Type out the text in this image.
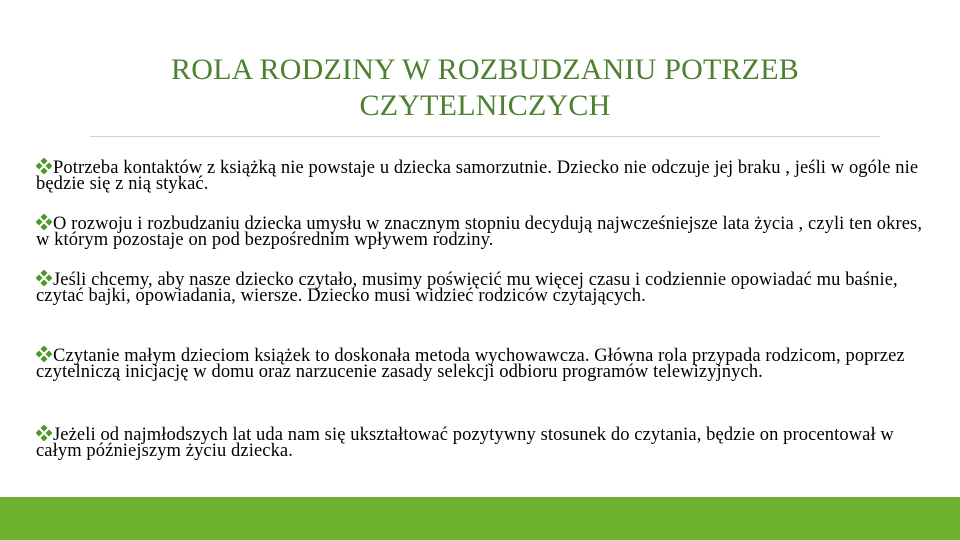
ROLA RODZINY W ROZBUDZANIU POTRZEB CZYTELNICZYCH
Potrzeba kontaktów z książką nie powstaje u dziecka samorzutnie. Dziecko nie odczuje jej braku , jeśli w ogóle nie będzie się z nią stykać.
O rozwoju i rozbudzaniu dziecka umysłu w znacznym stopniu decydują najwcześniejsze lata życia , czyli ten okres, w którym pozostaje on pod bezpośrednim wpływem rodziny.
Jeśli chcemy, aby nasze dziecko czytało, musimy poświęcić mu więcej czasu i codziennie opowiadać mu baśnie, czytać bajki, opowiadania, wiersze. Dziecko musi widzieć rodziców czytających.
Czytanie małym dzieciom książek to doskonała metoda wychowawcza. Główna rola przypada rodzicom, poprzez czytelniczą inicjację w domu oraz narzucenie zasady selekcji odbioru programów telewizyjnych.
Jeżeli od najmłodszych lat uda nam się ukształtować pozytywny stosunek do czytania, będzie on procentował w całym późniejszym życiu dziecka.
